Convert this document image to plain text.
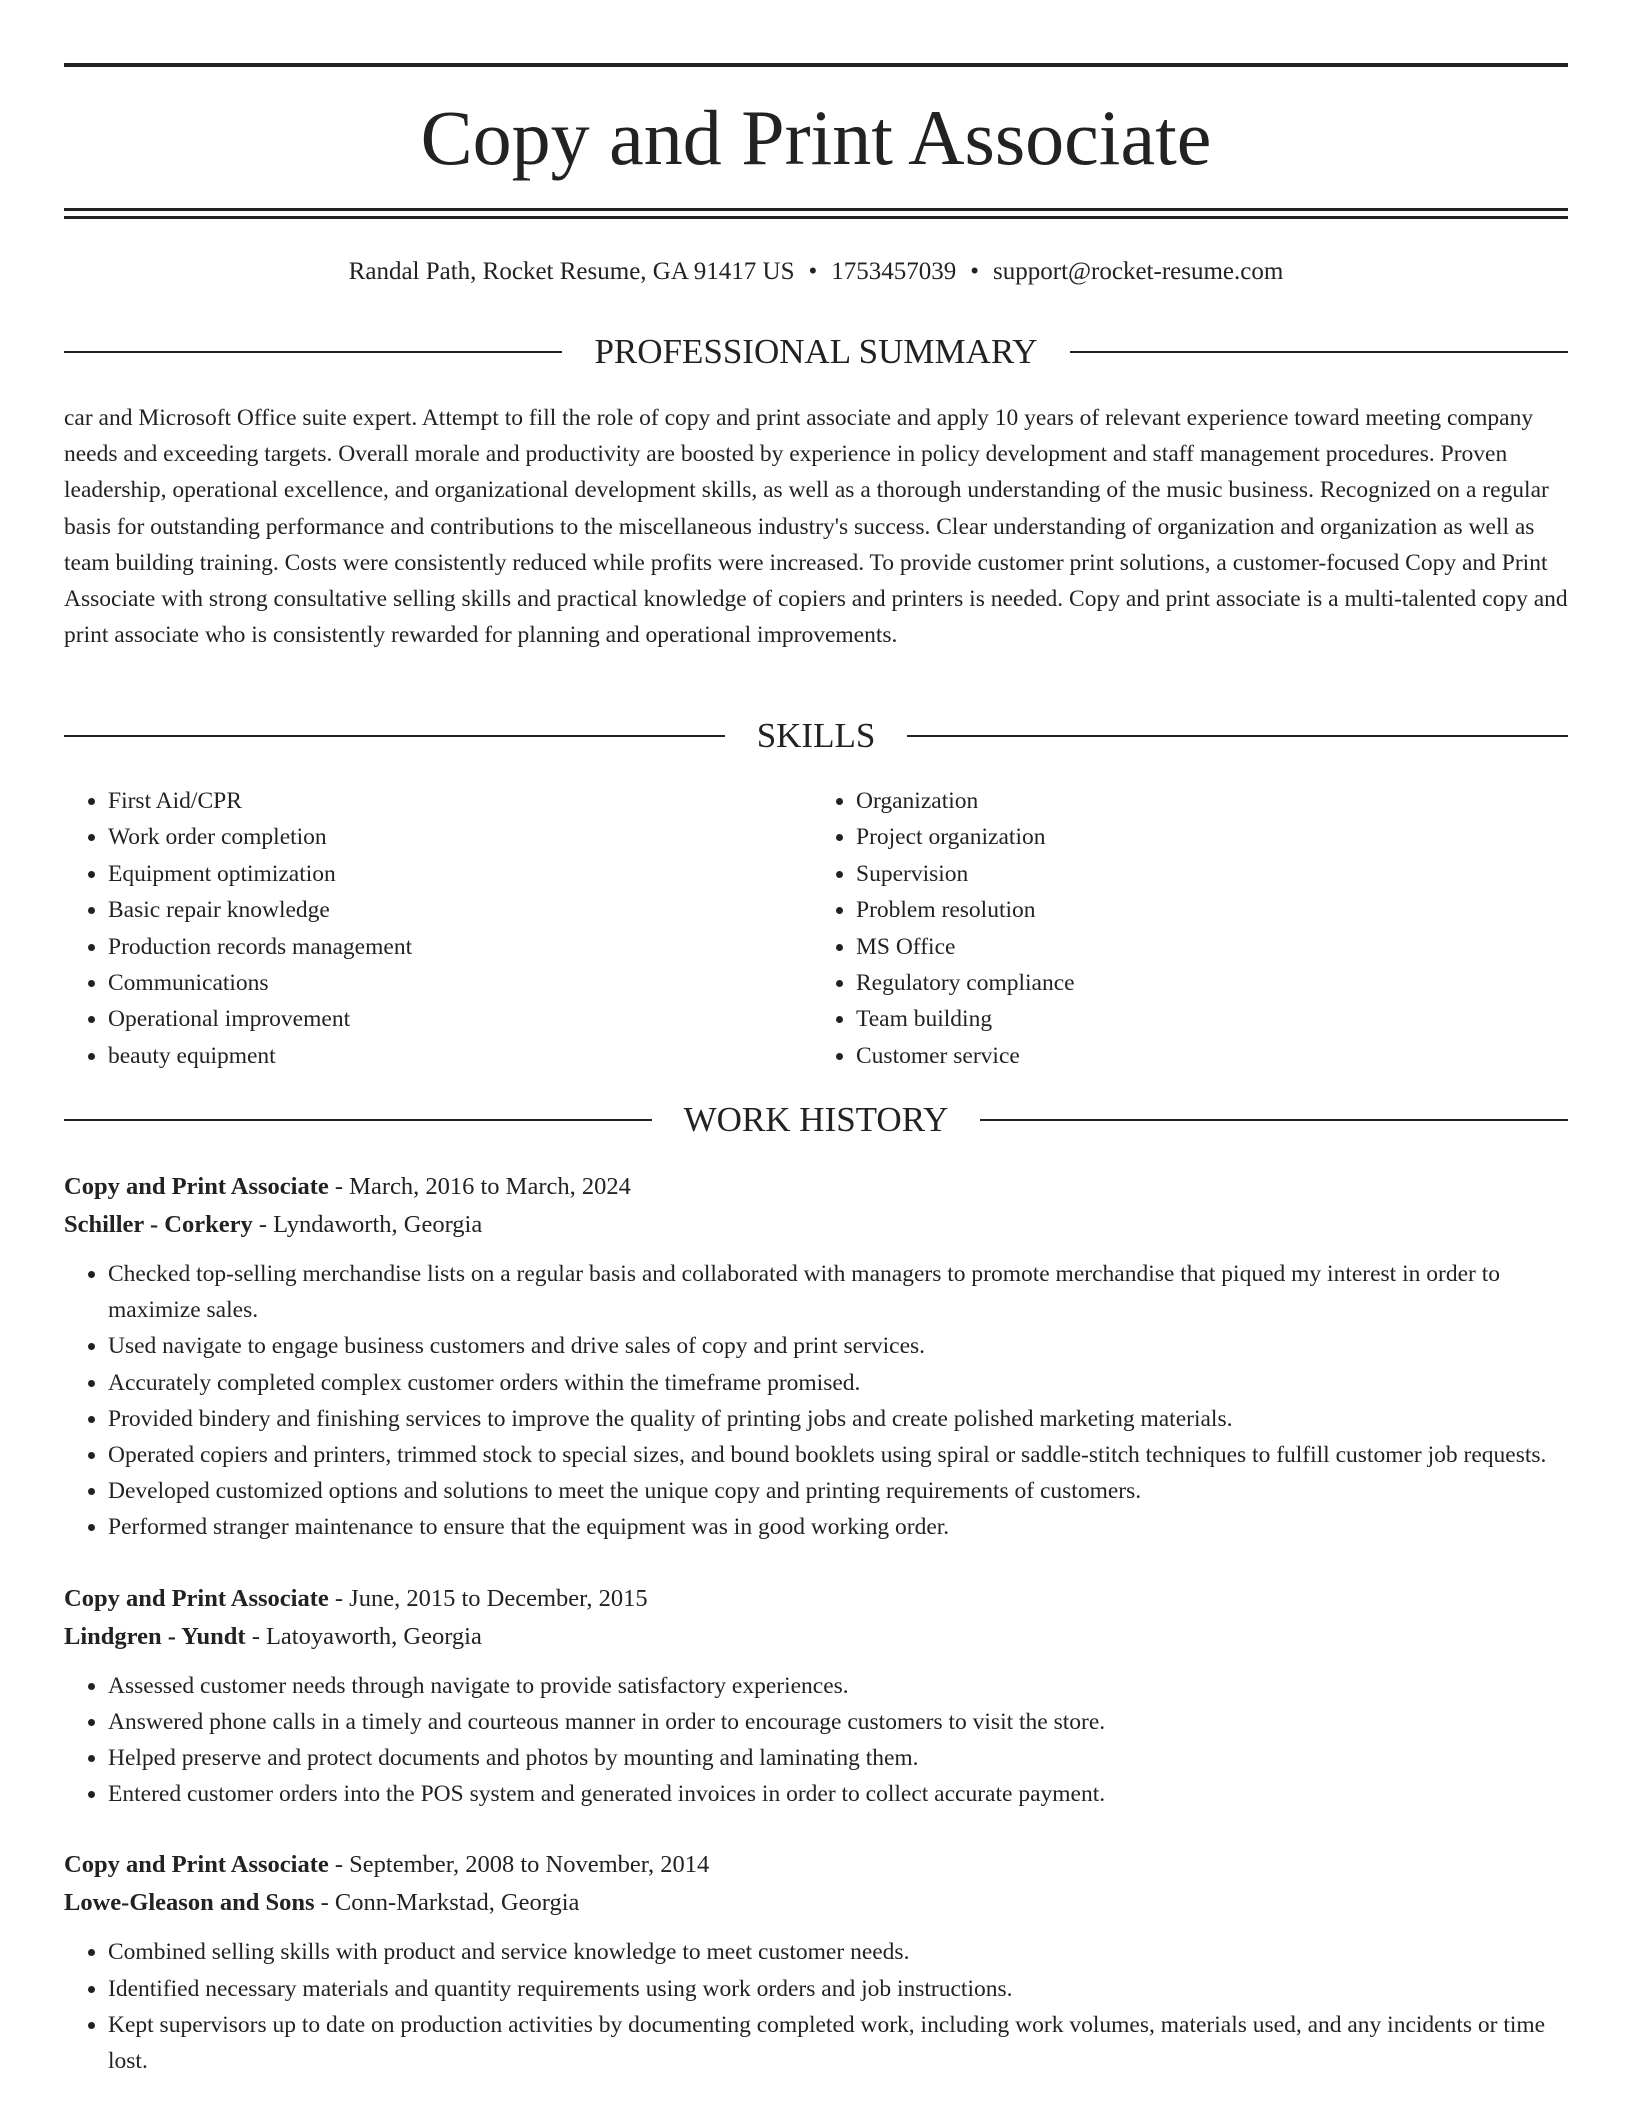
Copy and Print Associate
Randal Path, Rocket Resume, GA 91417 US • 1753457039 • support@rocket-resume.com
PROFESSIONAL SUMMARY

car and Microsoft Office suite expert. Attempt to fill the role of copy and print associate and apply 10 years of relevant experience toward meeting company needs and exceeding targets. Overall morale and productivity are boosted by experience in policy development and staff management procedures. Proven leadership, operational excellence, and organizational development skills, as well as a thorough understanding of the music business. Recognized on a regular basis for outstanding performance and contributions to the miscellaneous industry's success. Clear understanding of organization and organization as well as team building training. Costs were consistently reduced while profits were increased. To provide customer print solutions, a customer-focused Copy and Print Associate with strong consultative selling skills and practical knowledge of copiers and printers is needed. Copy and print associate is a multi-talented copy and print associate who is consistently rewarded for planning and operational improvements.

SKILLS
• First Aid/CPR
• Work order completion
• Equipment optimization
• Basic repair knowledge
• Production records management
• Communications
• Operational improvement
• beauty equipment
• Organization
• Project organization
• Supervision
• Problem resolution
• MS Office
• Regulatory compliance
• Team building
• Customer service
WORK HISTORY
Copy and Print Associate - March, 2016 to March, 2024
Schiller - Corkery - Lyndaworth, Georgia
• Checked top-selling merchandise lists on a regular basis and collaborated with managers to promote merchandise that piqued my interest in order to maximize sales.
• Used navigate to engage business customers and drive sales of copy and print services.
• Accurately completed complex customer orders within the timeframe promised.
• Provided bindery and finishing services to improve the quality of printing jobs and create polished marketing materials.
• Operated copiers and printers, trimmed stock to special sizes, and bound booklets using spiral or saddle-stitch techniques to fulfill customer job requests.
• Developed customized options and solutions to meet the unique copy and printing requirements of customers.
• Performed stranger maintenance to ensure that the equipment was in good working order.
Copy and Print Associate - June, 2015 to December, 2015
Lindgren - Yundt - Latoyaworth, Georgia
• Assessed customer needs through navigate to provide satisfactory experiences.
• Answered phone calls in a timely and courteous manner in order to encourage customers to visit the store.
• Helped preserve and protect documents and photos by mounting and laminating them.
• Entered customer orders into the POS system and generated invoices in order to collect accurate payment.
Copy and Print Associate - September, 2008 to November, 2014
Lowe-Gleason and Sons - Conn-Markstad, Georgia
• Combined selling skills with product and service knowledge to meet customer needs.
• Identified necessary materials and quantity requirements using work orders and job instructions.
• Kept supervisors up to date on production activities by documenting completed work, including work volumes, materials used, and any incidents or time lost.
